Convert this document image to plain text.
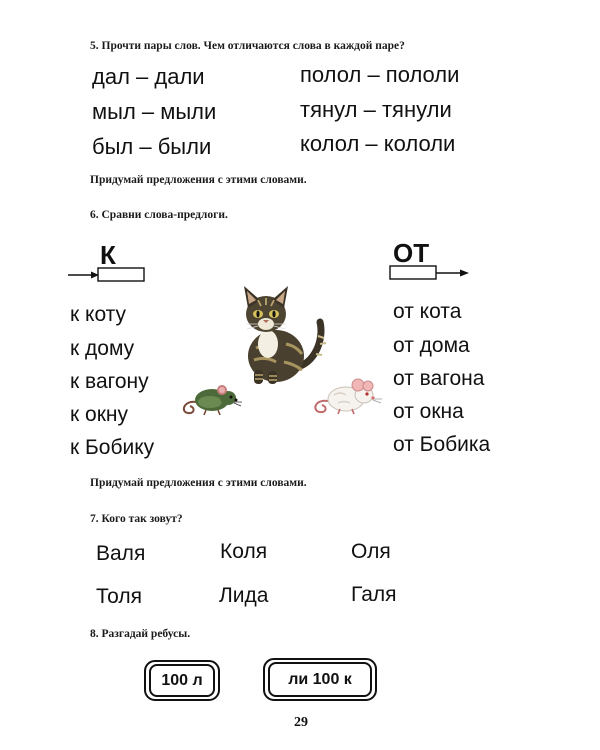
5. Прочти пары слов. Чем отличаются слова в каждой паре?
дал – дали
мыл – мыли
был – были
полол – пололи
тянул – тянули
колол – кололи
Придумай предложения с этими словами.
6. Сравни слова-предлоги.
К	ОТ
к коту
к дому
к вагону
к окну
к Бобику
от кота
от дома
от вагона
от окна
от Бобика
Придумай предложения с этими словами.
7. Кого так зовут?
Валя	Коля	Оля
Толя	Лида	Галя
8. Разгадай ребусы.
100 л	ли 100 к
29
